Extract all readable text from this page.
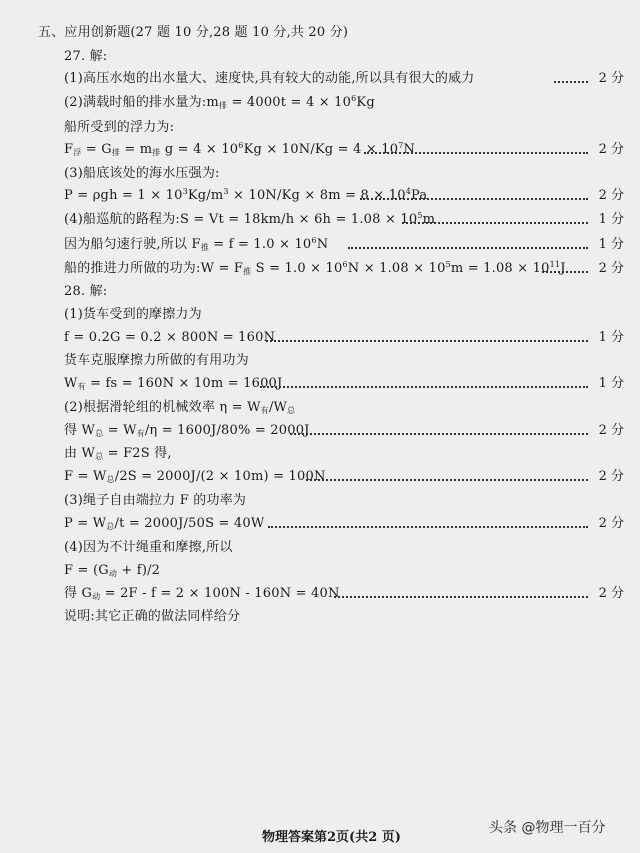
五、应用创新题(27 题 10 分,28 题 10 分,共 20 分)
27. 解:
(1)高压水炮的出水量大、速度快,具有较大的动能,所以具有很大的威力	2 分
(2)满载时船的排水量为$:m_排 = 4000t = 4 \times 10^6Kg$
船所受到的浮力为:
$F_浮 = G_排 = m_排$ $g = 4 \times 10^6Kg \times 10N/Kg = 4 \times 10^7N$	2 分
(3)船底该处的海水压强为:
$P = \rho gh = 1 \times 10^3Kg/m^3 \times 10N/Kg \times 8m = 8 \times 10^4Pa$	2 分
(4)船巡航的路程为:S = $Vt = 18km/h \times 6h = 1.08 \times 10^5m$	1 分
因为船匀速行驶,所以 $F_推 = f = 1.0 \times 10^6N$	1 分
船的推进力所做的功为:W = $F_推$ $S = 1.0 \times 10^6N \times 1.08 \times 10^5m = 1.08 \times 10^{11}J$	2 分
28. 解:
(1)货车受到的摩擦力为
f = 0.2G = 0.2 × 800N = 160N	1 分
货车克服摩擦力所做的有用功为
$W_有$ = fs = 160N × 10m = 1600J	1 分
(2)根据滑轮组的机械效率 $\eta = W_有/W_总$
得 $W_总 = W_有/\eta = 1600J/80\% = 2000J$	2 分
由 $W_总 = F2S$ 得,
$F = W_总/2S = 2000J/(2 \times 10m) = 100N$	2 分
(3)绳子自由端拉力 F 的功率为
$P = W_总/t = 2000J/50S = 40W$	2 分
(4)因为不计绳重和摩擦,所以
$F = (G_动 + f)/2$
得 $G_动 = 2F - f = 2 \times 100N - 160N = 40N$	2 分
说明:其它正确的做法同样给分
物理答案第2页(共2 页)
头条 @物理一百分
